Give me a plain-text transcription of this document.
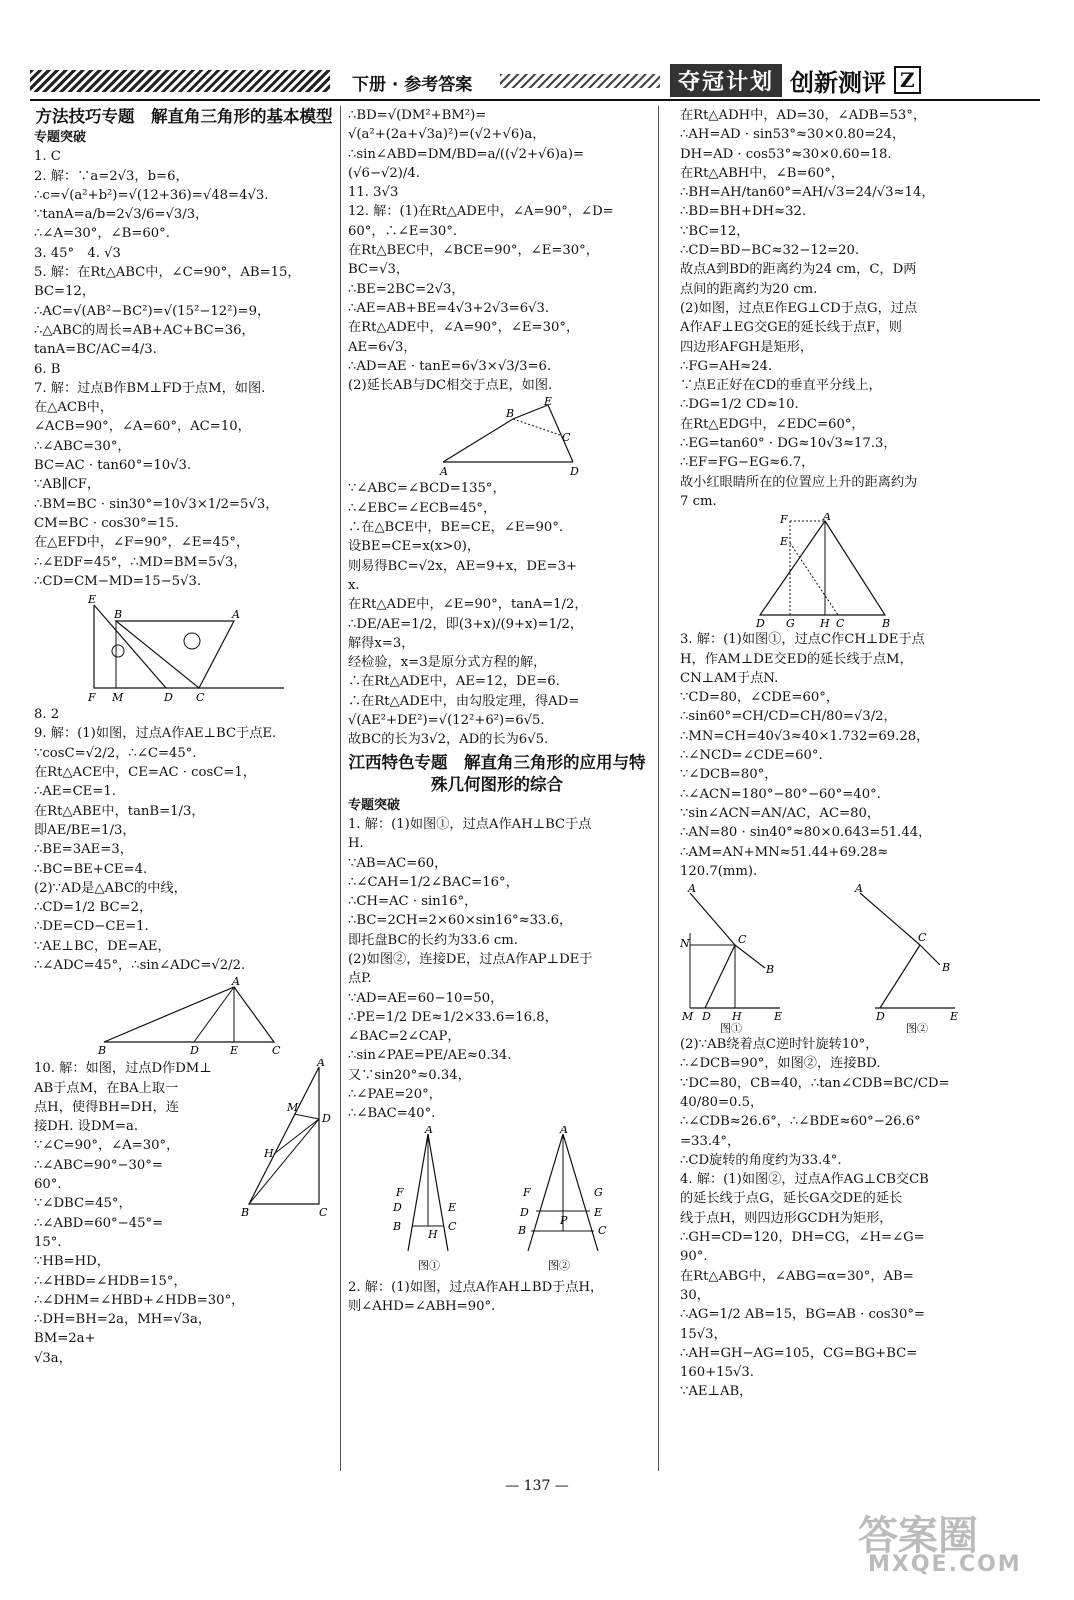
下册 · 参考答案	夺冠计划 创新测评 Z

方法技巧专题　解直角三角形的基本模型

专题突破

1. C

2. 解：∵a=2√3，b=6，

∴c=√(a²+b²)=√(12+36)=√48=4√3.

∵tanA=a/b=2√3/6=√3/3，

∴∠A=30°，∠B=60°.

3. 45°　4. √3

5. 解：在Rt△ABC中，∠C=90°，AB=15，

BC=12，

∴AC=√(AB²−BC²)=√(15²−12²)=9，

∴△ABC的周长=AB+AC+BC=36，

tanA=BC/AC=4/3.

6. B

7. 解：过点B作BM⊥FD于点M，如图.

在△ACB中，

∠ACB=90°，∠A=60°，AC=10，

∴∠ABC=30°，

BC=AC · tan60°=10√3.

∵AB∥CF，

∴BM=BC · sin30°=10√3×1/2=5√3，

CM=BC · cos30°=15.

在△EFD中，∠F=90°，∠E=45°，

∴∠EDF=45°，∴MD=BM=5√3，

∴CD=CM−MD=15−5√3.

E
B	A
F M	D C

8. 2

9. 解：(1)如图，过点A作AE⊥BC于点E.

∵cosC=√2/2，∴∠C=45°.

在Rt△ACE中，CE=AC · cosC=1，

∴AE=CE=1.

在Rt△ABE中，tanB=1/3，

即AE/BE=1/3，

∴BE=3AE=3，

∴BC=BE+CE=4.

(2)∵AD是△ABC的中线，

∴CD=1/2 BC=2，

∴DE=CD−CE=1.

∵AE⊥BC，DE=AE，

∴∠ADC=45°，∴sin∠ADC=√2/2.

A
B	D	E	C

10. 解：如图，过点D作DM⊥

AB于点M，在BA上取一

点H，使得BH=DH，连

接DH. 设DM=a.

∵∠C=90°，∠A=30°，

∴∠ABC=90°−30°=

60°.

∵∠DBC=45°，

∴∠ABD=60°−45°=

15°.

∵HB=HD，

∴∠HBD=∠HDB=15°，

∴∠DHM=∠HBD+∠HDB=30°，

∴DH=BH=2a，MH=√3a，BM=2a+

√3a，

A
M
D
H
B	C

∴BD=√(DM²+BM²)=

√(a²+(2a+√3a)²)=(√2+√6)a，

∴sin∠ABD=DM/BD=a/((√2+√6)a)=

(√6−√2)/4.

11. 3√3

12. 解：(1)在Rt△ADE中，∠A=90°，∠D=

60°，∴∠E=30°.

在Rt△BEC中，∠BCE=90°，∠E=30°，

BC=√3，

∴BE=2BC=2√3，

∴AE=AB+BE=4√3+2√3=6√3.

在Rt△ADE中，∠A=90°，∠E=30°，

AE=6√3，

∴AD=AE · tanE=6√3×√3/3=6.

(2)延长AB与DC相交于点E，如图.

B
E
C
A	D

∵∠ABC=∠BCD=135°，

∴∠EBC=∠ECB=45°，

∴在△BCE中，BE=CE，∠E=90°.

设BE=CE=x(x>0)，

则易得BC=√2x，AE=9+x，DE=3+

x.

在Rt△ADE中，∠E=90°，tanA=1/2，

∴DE/AE=1/2，即(3+x)/(9+x)=1/2，

解得x=3，

经检验，x=3是原分式方程的解，

∴在Rt△ADE中，AE=12，DE=6.

∴在Rt△ADE中，由勾股定理，得AD=

√(AE²+DE²)=√(12²+6²)=6√5.

故BC的长为3√2，AD的长为6√5.

江西特色专题　解直角三角形的应用与特殊几何图形的综合

专题突破

1. 解：(1)如图①，过点A作AH⊥BC于点

H.

∵AB=AC=60，

∴∠CAH=1/2∠BAC=16°，

∴CH=AC · sin16°，

∴BC=2CH=2×60×sin16°≈33.6，

即托盘BC的长约为33.6 cm.

(2)如图②，连接DE，过点A作AP⊥DE于

点P.

∵AD=AE=60−10=50，

∴PE=1/2 DE≈1/2×33.6=16.8，

∠BAC=2∠CAP，

∴sin∠PAE=PE/AE≈0.34.

又∵sin20°≈0.34，

∴∠PAE=20°，

∴∠BAC=40°.

A
F
D	E
B
H
C
图①
A
F
D
G
E
B
P
C
图②

2. 解：(1)如图，过点A作AH⊥BD于点H，

则∠AHD=∠ABH=90°.

在Rt△ADH中，AD=30，∠ADB=53°，

∴AH=AD · sin53°≈30×0.80=24，

DH=AD · cos53°≈30×0.60=18.

在Rt△ABH中，∠B=60°，

∴BH=AH/tan60°=AH/√3=24/√3≈14，

∴BD=BH+DH≈32.

∵BC=12，

∴CD=BD−BC≈32−12=20.

故点A到BD的距离约为24 cm，C，D两

点间的距离约为20 cm.

(2)如图，过点E作EG⊥CD于点G，过点

A作AF⊥EG交GE的延长线于点F，则

四边形AFGH是矩形，

∴FG=AH≈24.

∵点E正好在CD的垂直平分线上，

∴DG=1/2 CD≈10.

在Rt△EDG中，∠EDC=60°，

∴EG=tan60° · DG≈10√3≈17.3，

∴EF=FG−EG≈6.7，

故小红眼睛所在的位置应上升的距离约为

7 cm.

A
F
E
D G H C	B

3. 解：(1)如图①，过点C作CH⊥DE于点

H，作AM⊥DE交ED的延长线于点M，

CN⊥AM于点N.

∵CD=80，∠CDE=60°，

∴sin60°=CH/CD=CH/80=√3/2，

∴MN=CH=40√3≈40×1.732=69.28，

∴∠NCD=∠CDE=60°.

∵∠DCB=80°，

∴∠ACN=180°−80°−60°=40°.

∵sin∠ACN=AN/AC，AC=80，

∴AN=80 · sin40°≈80×0.643=51.44，

∴AM=AN+MN≈51.44+69.28≈

120.7(mm).

A
C
B
N
M D H	E
图①
A
C
B
D	E
图②

(2)∵AB绕着点C逆时针旋转10°，

∴∠DCB=90°，如图②，连接BD.

∵DC=80，CB=40，∴tan∠CDB=BC/CD=

40/80=0.5，

∴∠CDB≈26.6°，∴∠BDE≈60°−26.6°

=33.4°，

∴CD旋转的角度约为33.4°.

4. 解：(1)如图②，过点A作AG⊥CB交CB

的延长线于点G，延长GA交DE的延长

线于点H，则四边形GCDH为矩形，

∴GH=CD=120，DH=CG，∠H=∠G=

90°.

在Rt△ABG中，∠ABG=α=30°，AB=

30，

∴AG=1/2 AB=15，BG=AB · cos30°=

15√3，

∴AH=GH−AG=105，CG=BG+BC=

160+15√3.

∵AE⊥AB，

— 137 —
答案圈
MXQE.COM
